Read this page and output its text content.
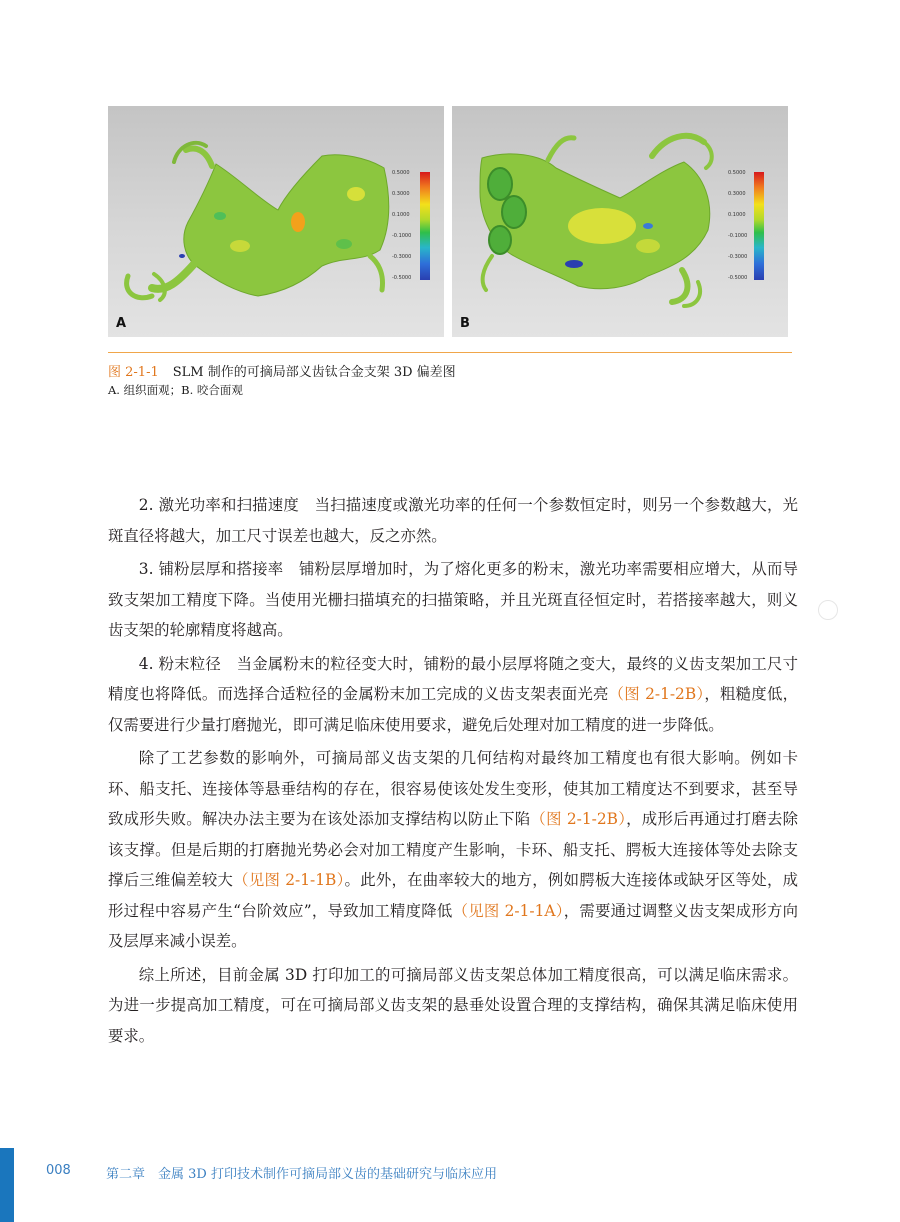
0.5000
0.3000
0.1000
-0.1000
-0.3000
-0.5000
A
0.5000
0.3000
0.1000
-0.1000
-0.3000
-0.5000
B
图 2-1-1 SLM 制作的可摘局部义齿钛合金支架 3D 偏差图
A. 组织面观；B. 咬合面观

2. 激光功率和扫描速度　 当扫描速度或激光功率的任何一个参数恒定时，则另一个参数越大，光斑直径将越大，加工尺寸误差也越大，反之亦然。

3. 铺粉层厚和搭接率　 铺粉层厚增加时，为了熔化更多的粉末，激光功率需要相应增大，从而导致支架加工精度下降。当使用光栅扫描填充的扫描策略，并且光斑直径恒定时，若搭接率越大，则义齿支架的轮廓精度将越高。

4. 粉末粒径　 当金属粉末的粒径变大时，铺粉的最小层厚将随之变大，最终的义齿支架加工尺寸精度也将降低。而选择合适粒径的金属粉末加工完成的义齿支架表面光亮（图 2-1-2B），粗糙度低，仅需要进行少量打磨抛光，即可满足临床使用要求，避免后处理对加工精度的进一步降低。

除了工艺参数的影响外，可摘局部义齿支架的几何结构对最终加工精度也有很大影响。例如卡环、船支托、连接体等悬垂结构的存在，很容易使该处发生变形，使其加工精度达不到要求，甚至导致成形失败。解决办法主要为在该处添加支撑结构以防止下陷（图 2-1-2B），成形后再通过打磨去除该支撑。但是后期的打磨抛光势必会对加工精度产生影响，卡环、船支托、腭板大连接体等处去除支撑后三维偏差较大（见图 2-1-1B）。此外，在曲率较大的地方，例如腭板大连接体或缺牙区等处，成形过程中容易产生“台阶效应”，导致加工精度降低（见图 2-1-1A），需要通过调整义齿支架成形方向及层厚来减小误差。

综上所述，目前金属 3D 打印加工的可摘局部义齿支架总体加工精度很高，可以满足临床需求。为进一步提高加工精度，可在可摘局部义齿支架的悬垂处设置合理的支撑结构，确保其满足临床使用要求。

008	第二章　金属 3D 打印技术制作可摘局部义齿的基础研究与临床应用
